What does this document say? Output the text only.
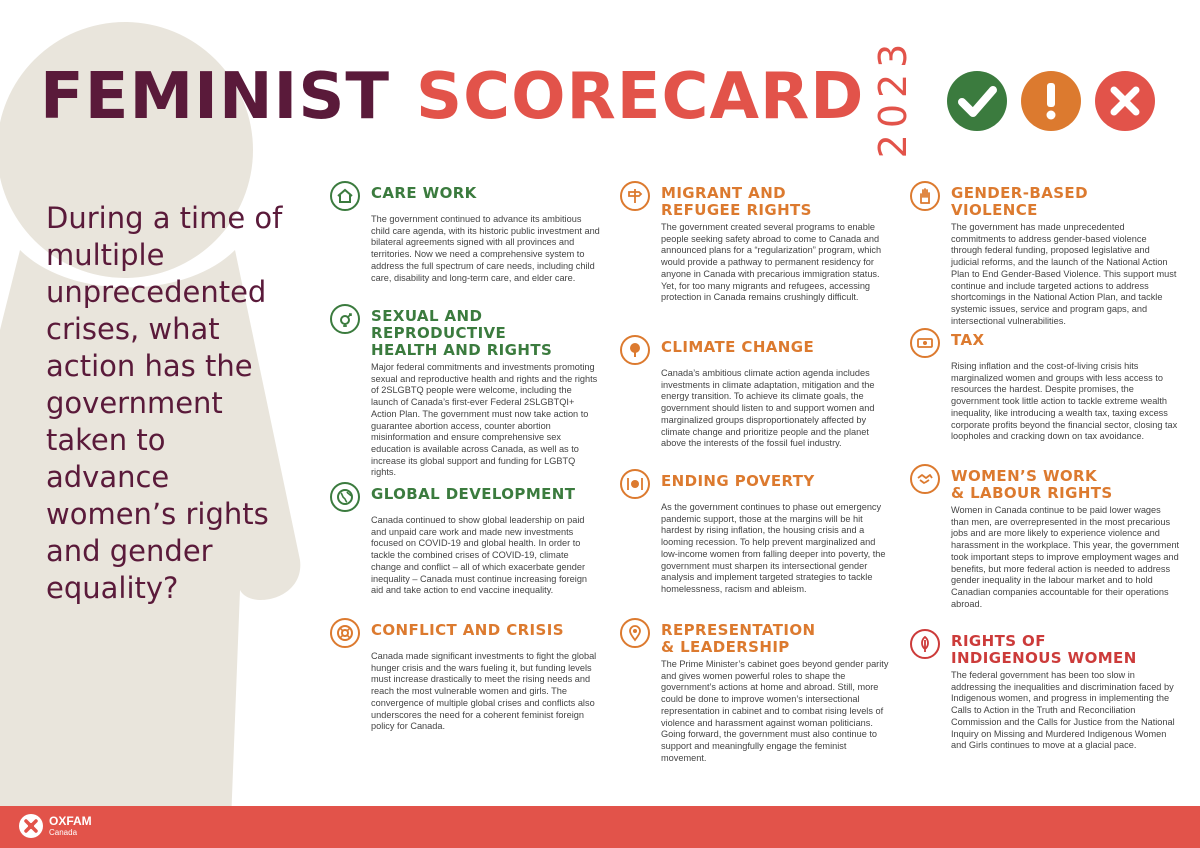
FEMINIST SCORECARD 2023
During a time of multiple unprecedented crises, what action has the government taken to advance women’s rights and gender equality?
CARE WORK

The government continued to advance its ambitious child care agenda, with its historic public investment and bilateral agreements signed with all provinces and territories. Now we need a comprehensive system to address the full spectrum of care needs, including child care, disability and long-term care, and elder care.

SEXUAL AND REPRODUCTIVE
HEALTH AND RIGHTS

Major federal commitments and investments promoting sexual and reproductive health and rights and the rights of 2SLGBTQ people were welcome, including the launch of Canada’s first-ever Federal 2SLGBTQI+ Action Plan. The government must now take action to guarantee abortion access, counter abortion misinformation and ensure comprehensive sex education is available across Canada, as well as to increase its global support and funding for LGBTQ rights.

GLOBAL DEVELOPMENT

Canada continued to show global leadership on paid and unpaid care work and made new investments focused on COVID-19 and global health. In order to tackle the combined crises of COVID-19, climate change and conflict – all of which exacerbate gender inequality – Canada must continue increasing foreign aid and take action to end vaccine inequality.

CONFLICT AND CRISIS

Canada made significant investments to fight the global hunger crisis and the wars fueling it, but funding levels must increase drastically to meet the rising needs and reach the most vulnerable women and girls. The convergence of multiple global crises and conflicts also underscores the need for a coherent feminist foreign policy for Canada.

MIGRANT AND
REFUGEE RIGHTS

The government created several programs to enable people seeking safety abroad to come to Canada and announced plans for a “regularization” program, which would provide a pathway to permanent residency for anyone in Canada with precarious immigration status. Yet, for too many migrants and refugees, accessing protection in Canada remains crushingly difficult.

CLIMATE CHANGE

Canada’s ambitious climate action agenda includes investments in climate adaptation, mitigation and the energy transition. To achieve its climate goals, the government should listen to and support women and marginalized groups disproportionately affected by climate change and prioritize people and the planet above the interests of the fossil fuel industry.

ENDING POVERTY

As the government continues to phase out emergency pandemic support, those at the margins will be hit hardest by rising inflation, the housing crisis and a looming recession. To help prevent marginalized and low-income women from falling deeper into poverty, the government must sharpen its intersectional gender analysis and implement targeted strategies to tackle homelessness, racism and ableism.

REPRESENTATION
& LEADERSHIP

The Prime Minister’s cabinet goes beyond gender parity and gives women powerful roles to shape the government’s actions at home and abroad. Still, more could be done to improve women’s intersectional representation in cabinet and to combat rising levels of violence and harassment against woman politicians. Going forward, the government must also continue to support and meaningfully engage the feminist movement.

GENDER-BASED VIOLENCE

The government has made unprecedented commitments to address gender-based violence through federal funding, proposed legislative and judicial reforms, and the launch of the National Action Plan to End Gender-Based Violence. This support must continue and include targeted actions to address shortcomings in the National Action Plan, and tackle systemic issues, service and program gaps, and intersectional vulnerabilities.

TAX

Rising inflation and the cost-of-living crisis hits marginalized women and groups with less access to resources the hardest. Despite promises, the government took little action to tackle extreme wealth inequality, like introducing a wealth tax, taxing excess corporate profits beyond the financial sector, closing tax loopholes and cracking down on tax avoidance.

WOMEN’S WORK
& LABOUR RIGHTS

Women in Canada continue to be paid lower wages than men, are overrepresented in the most precarious jobs and are more likely to experience violence and harassment in the workplace. This year, the government took important steps to improve employment wages and benefits, but more federal action is needed to address gender inequality in the labour market and to hold Canadian companies accountable for their operations abroad.

RIGHTS OF
INDIGENOUS WOMEN

The federal government has been too slow in addressing the inequalities and discrimination faced by Indigenous women, and progress in implementing the Calls to Action in the Truth and Reconciliation Commission and the Calls for Justice from the National Inquiry on Missing and Murdered Indigenous Women and Girls continues to move at a glacial pace.

OXFAM
Canada
